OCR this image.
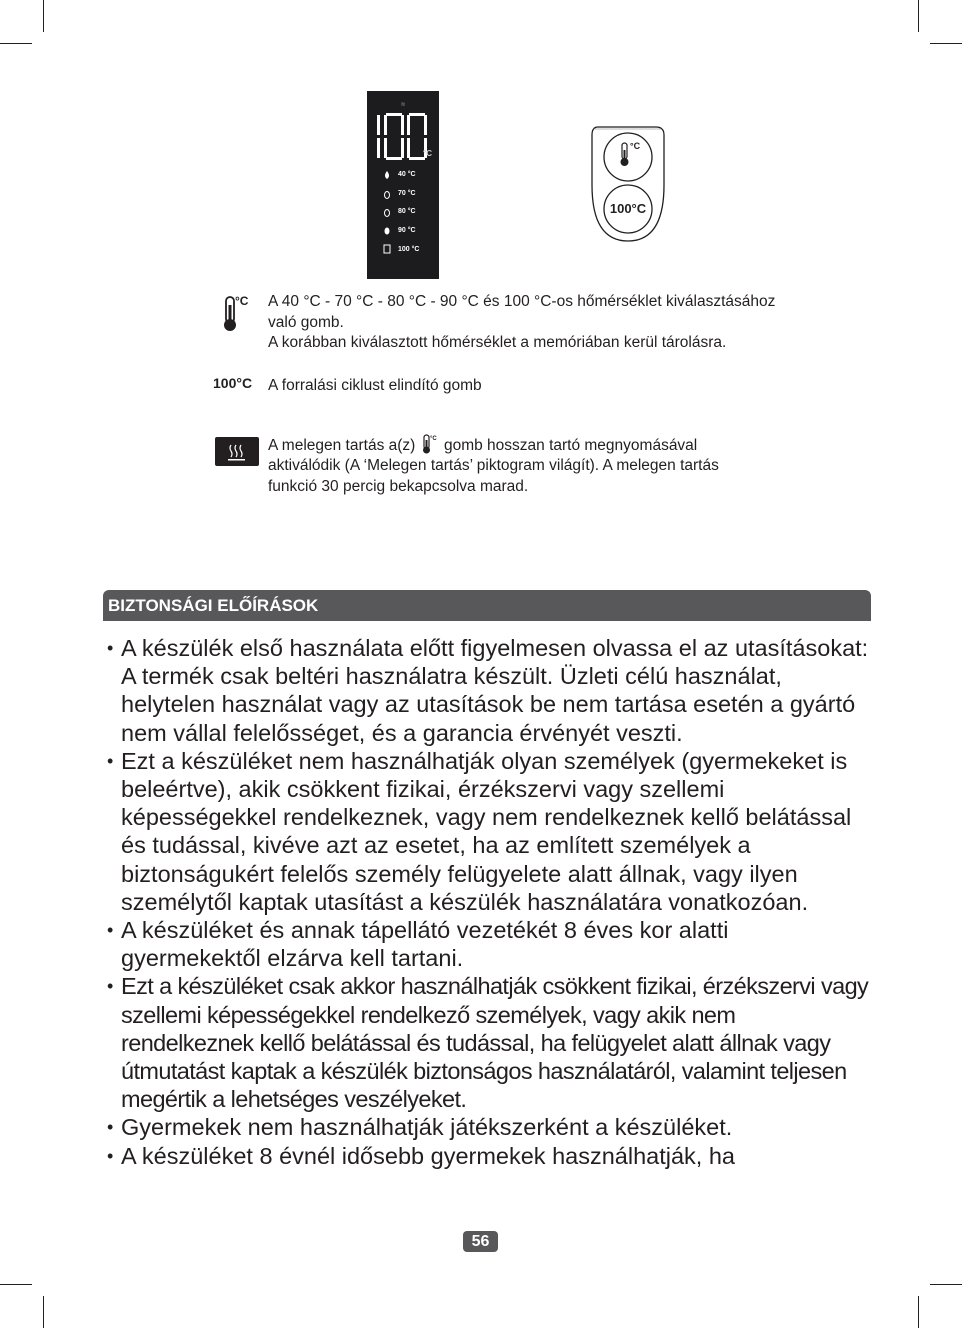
≋
°C
40 °C
70 °C
80 °C
90 °C
100 °C
°C
100°C
°C A 40 °C - 70 °C - 80 °C - 90 °C és 100 °C-os hőmérséklet kiválasztásához
való gomb.
A korábban kiválasztott hőmérséklet a memóriában kerül tárolásra.
100°C A forralási ciklust elindító gomb
A melegen tartás a(z) °C gomb hosszan tartó megnyomásával
aktiválódik (A ‘Melegen tartás’ piktogram világít). A melegen tartás
funkció 30 percig bekapcsolva marad.
BIZTONSÁGI ELŐÍRÁSOK
• A készülék első használata előtt figyelmesen olvassa el az utasításokat: A termék csak beltéri használatra készült. Üzleti célú használat, helytelen használat vagy az utasítások be nem tartása esetén a gyártó nem vállal felelősséget, és a garancia érvényét veszti.
• Ezt a készüléket nem használhatják olyan személyek (gyermekeket is beleértve), akik csökkent fizikai, érzékszervi vagy szellemi képességekkel rendelkeznek, vagy nem rendelkeznek kellő belátással és tudással, kivéve azt az esetet, ha az említett személyek a biztonságukért felelős személy felügyelete alatt állnak, vagy ilyen személytől kaptak utasítást a készülék használatára vonatkozóan.
• A készüléket és annak tápellátó vezetékét 8 éves kor alatti gyermekektől elzárva kell tartani.
• Ezt a készüléket csak akkor használhatják csökkent fizikai, érzékszervi vagy szellemi képességekkel rendelkező személyek, vagy akik nem rendelkeznek kellő belátással és tudással, ha felügyelet alatt állnak vagy útmutatást kaptak a készülék biztonságos használatáról, valamint teljesen megértik a lehetséges veszélyeket.
• Gyermekek nem használhatják játékszerként a készüléket.
• A készüléket 8 évnél idősebb gyermekek használhatják, ha
56
